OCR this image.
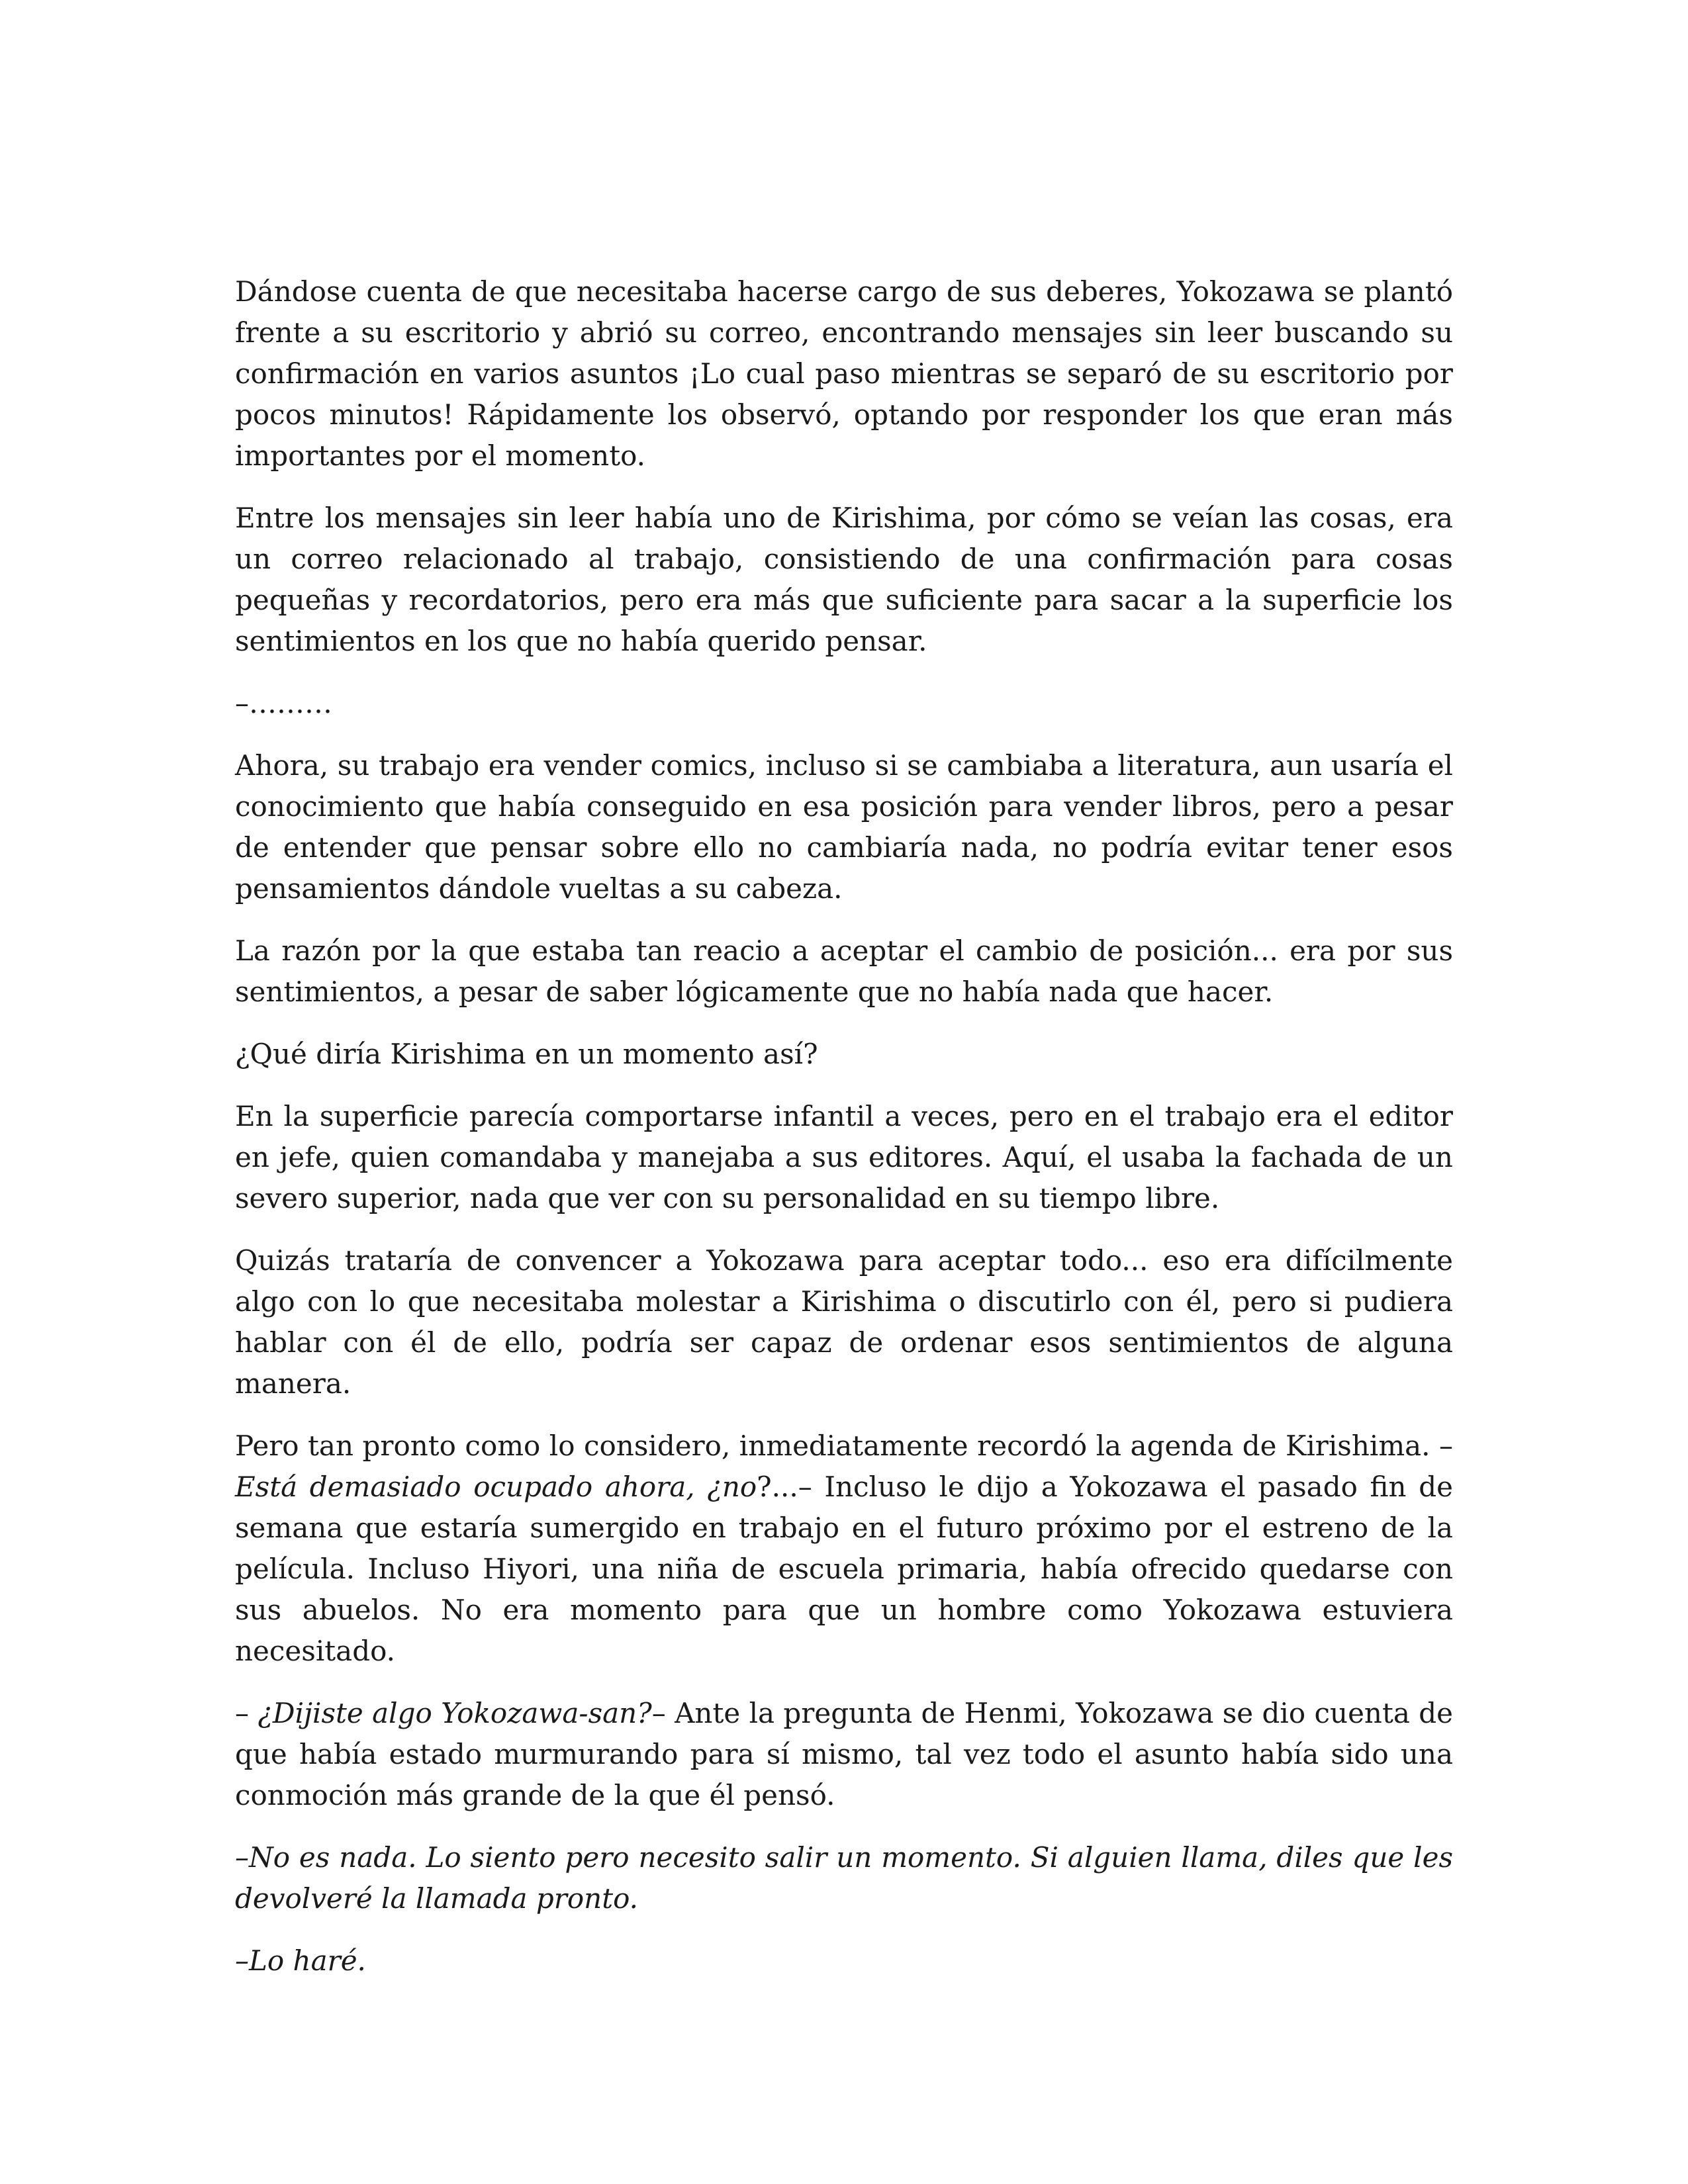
Dándose cuenta de que necesitaba hacerse cargo de sus deberes, Yokozawa se plantó frente a su escritorio y abrió su correo, encontrando mensajes sin leer buscando su confirmación en varios asuntos ¡Lo cual paso mientras se separó de su escritorio por pocos minutos! Rápidamente los observó, optando por responder los que eran más importantes por el momento.

Entre los mensajes sin leer había uno de Kirishima, por cómo se veían las cosas, era un correo relacionado al trabajo, consistiendo de una confirmación para cosas pequeñas y recordatorios, pero era más que suficiente para sacar a la superficie los sentimientos en los que no había querido pensar.

–………

Ahora, su trabajo era vender comics, incluso si se cambiaba a literatura, aun usaría el conocimiento que había conseguido en esa posición para vender libros, pero a pesar de entender que pensar sobre ello no cambiaría nada, no podría evitar tener esos pensamientos dándole vueltas a su cabeza.

La razón por la que estaba tan reacio a aceptar el cambio de posición... era por sus sentimientos, a pesar de saber lógicamente que no había nada que hacer.

¿Qué diría Kirishima en un momento así?

En la superficie parecía comportarse infantil a veces, pero en el trabajo era el editor en jefe, quien comandaba y manejaba a sus editores. Aquí, el usaba la fachada de un severo superior, nada que ver con su personalidad en su tiempo libre.

Quizás trataría de convencer a Yokozawa para aceptar todo... eso era difícilmente algo con lo que necesitaba molestar a Kirishima o discutirlo con él, pero si pudiera hablar con él de ello, podría ser capaz de ordenar esos sentimientos de alguna manera.

Pero tan pronto como lo considero, inmediatamente recordó la agenda de Kirishima. –Está demasiado ocupado ahora, ¿no?...– Incluso le dijo a Yokozawa el pasado fin de semana que estaría sumergido en trabajo en el futuro próximo por el estreno de la película. Incluso Hiyori, una niña de escuela primaria, había ofrecido quedarse con sus abuelos. No era momento para que un hombre como Yokozawa estuviera necesitado.

– ¿Dijiste algo Yokozawa-san?– Ante la pregunta de Henmi, Yokozawa se dio cuenta de que había estado murmurando para sí mismo, tal vez todo el asunto había sido una conmoción más grande de la que él pensó.

–No es nada. Lo siento pero necesito salir un momento. Si alguien llama, diles que les devolveré la llamada pronto.

–Lo haré.
